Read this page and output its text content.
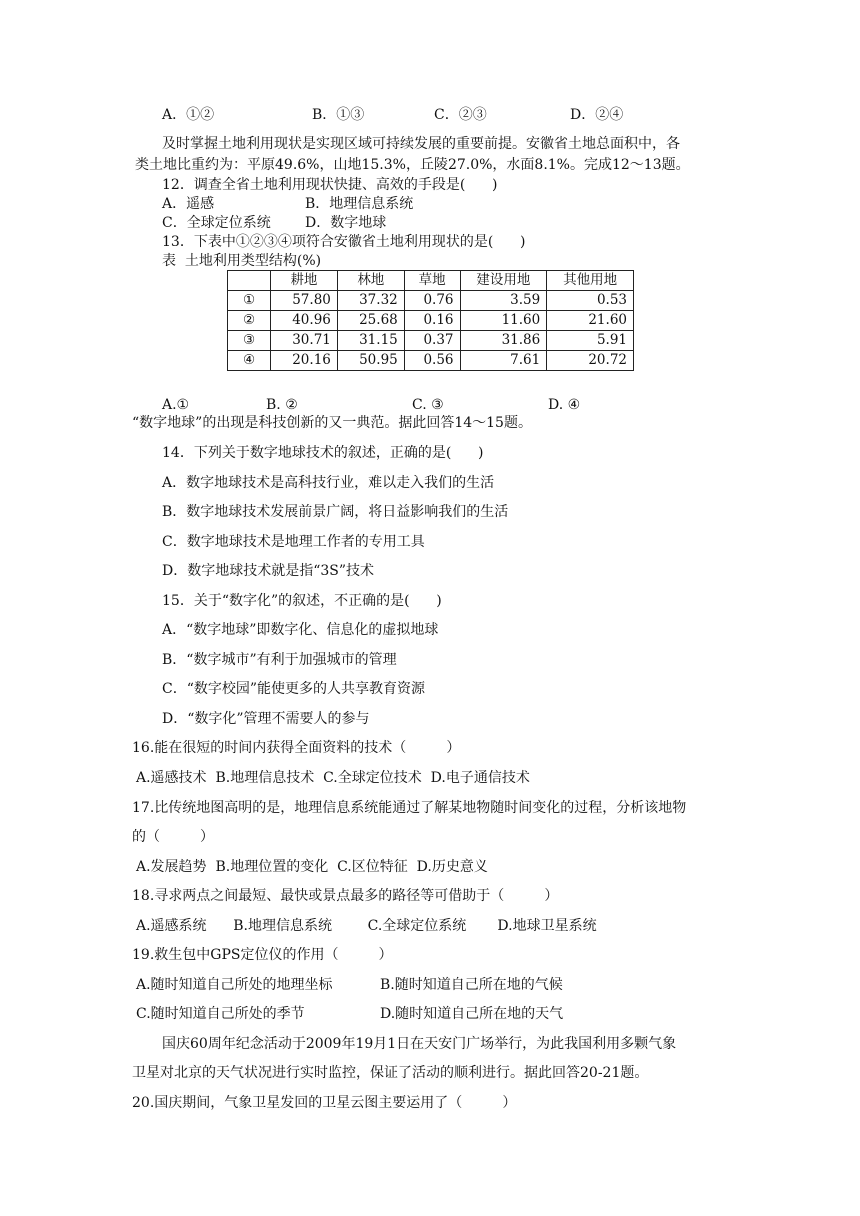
A．①②	B．①③	C．②③	D．②④
及时掌握土地利用现状是实现区域可持续发展的重要前提。安徽省土地总面积中，各
类土地比重约为：平原49.6%，山地15.3%，丘陵27.0%，水面8.1%。完成12～13题。
12．调查全省土地利用现状快捷、高效的手段是(      )
A．遥感	B．地理信息系统
C．全球定位系统 D．数字地球
13．下表中①②③④项符合安徽省土地利用现状的是(      )
表  土地利用类型结构(%)
	耕地	林地	草地	建设用地	其他用地
①	57.80	37.32	0.76	3.59	0.53
②	40.96	25.68	0.16	11.60	21.60
③	30.71	31.15	0.37	31.86	5.91
④	20.16	50.95	0.56	7.61	20.72
A.①	B. ②	C. ③	D. ④
“数字地球”的出现是科技创新的又一典范。据此回答14～15题。
14．下列关于数字地球技术的叙述，正确的是(      )
A．数字地球技术是高科技行业，难以走入我们的生活
B．数字地球技术发展前景广阔，将日益影响我们的生活
C．数字地球技术是地理工作者的专用工具
D．数字地球技术就是指“3S”技术
15．关于“数字化”的叙述，不正确的是(      )
A．“数字地球”即数字化、信息化的虚拟地球
B．“数字城市”有利于加强城市的管理
C．“数字校园”能使更多的人共享教育资源
D．“数字化”管理不需要人的参与
16.能在很短的时间内获得全面资料的技术（         ）
A.遥感技术  B.地理信息技术  C.全球定位技术  D.电子通信技术
17.比传统地图高明的是，地理信息系统能通过了解某地物随时间变化的过程，分析该地物
的（         ）
A.发展趋势  B.地理位置的变化  C.区位特征  D.历史意义
18.寻求两点之间最短、最快或景点最多的路径等可借助于（         ）
A.遥感系统      B.地理信息系统        C.全球定位系统       D.地球卫星系统
19.救生包中GPS定位仪的作用（         ）
A.随时知道自己所处的地理坐标	B.随时知道自己所在地的气候
C.随时知道自己所处的季节	D.随时知道自己所在地的天气
国庆60周年纪念活动于2009年19月1日在天安门广场举行，为此我国利用多颗气象
卫星对北京的天气状况进行实时监控，保证了活动的顺利进行。据此回答20-21题。
20.国庆期间，气象卫星发回的卫星云图主要运用了（         ）
